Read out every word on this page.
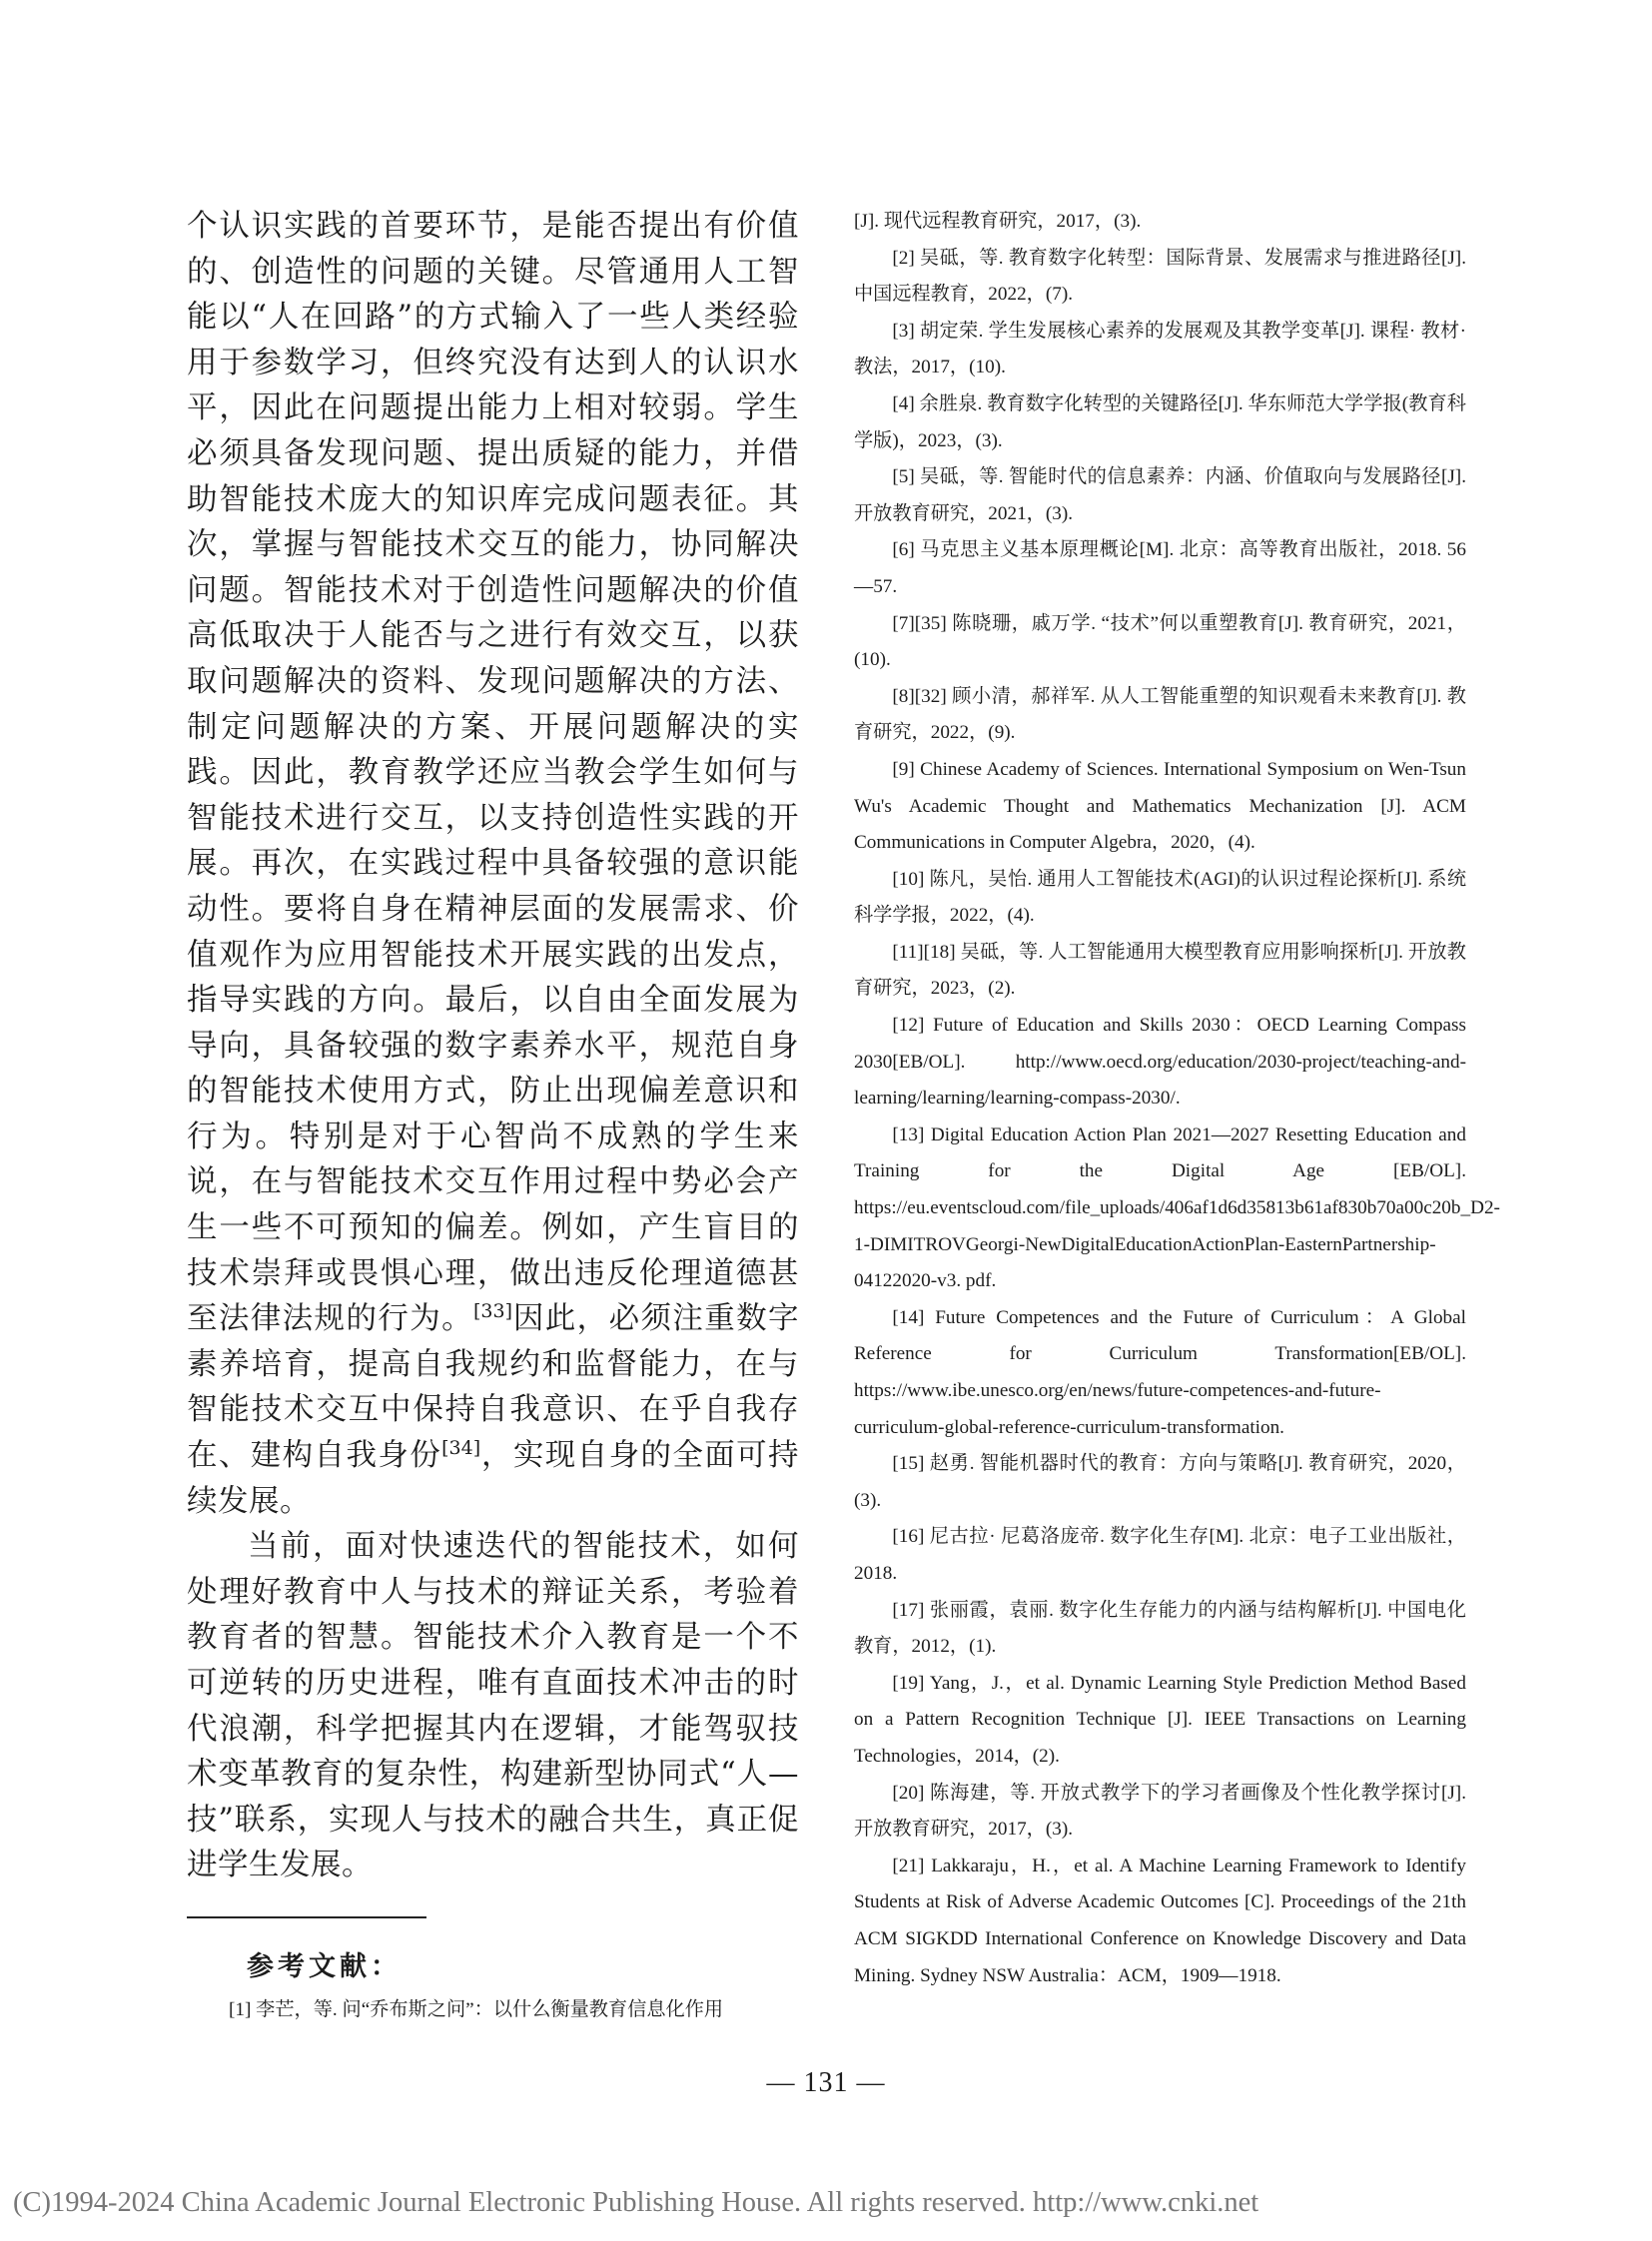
个认识实践的首要环节，是能否提出有价值的、创造性的问题的关键。尽管通用人工智能以“人在回路”的方式输入了一些人类经验用于参数学习，但终究没有达到人的认识水平，因此在问题提出能力上相对较弱。学生必须具备发现问题、提出质疑的能力，并借助智能技术庞大的知识库完成问题表征。其次，掌握与智能技术交互的能力，协同解决问题。智能技术对于创造性问题解决的价值高低取决于人能否与之进行有效交互，以获取问题解决的资料、发现问题解决的方法、制定问题解决的方案、开展问题解决的实践。因此，教育教学还应当教会学生如何与智能技术进行交互，以支持创造性实践的开展。再次，在实践过程中具备较强的意识能动性。要将自身在精神层面的发展需求、价值观作为应用智能技术开展实践的出发点，指导实践的方向。最后，以自由全面发展为导向，具备较强的数字素养水平，规范自身的智能技术使用方式，防止出现偏差意识和行为。特别是对于心智尚不成熟的学生来说，在与智能技术交互作用过程中势必会产生一些不可预知的偏差。例如，产生盲目的技术崇拜或畏惧心理，做出违反伦理道德甚至法律法规的行为。[33]因此，必须注重数字素养培育，提高自我规约和监督能力，在与智能技术交互中保持自我意识、在乎自我存在、建构自我身份[34]，实现自身的全面可持续发展。

当前，面对快速迭代的智能技术，如何处理好教育中人与技术的辩证关系，考验着教育者的智慧。智能技术介入教育是一个不可逆转的历史进程，唯有直面技术冲击的时代浪潮，科学把握其内在逻辑，才能驾驭技术变革教育的复杂性，构建新型协同式“人—技”联系，实现人与技术的融合共生，真正促进学生发展。

参考文献：

[1] 李芒，等. 问“乔布斯之问”：以什么衡量教育信息化作用

[J]. 现代远程教育研究，2017，(3).

[2] 吴砥，等. 教育数字化转型：国际背景、发展需求与推进路径[J]. 中国远程教育，2022，(7).

[3] 胡定荣. 学生发展核心素养的发展观及其教学变革[J]. 课程· 教材· 教法，2017，(10).

[4] 余胜泉. 教育数字化转型的关键路径[J]. 华东师范大学学报(教育科学版)，2023，(3).

[5] 吴砥，等. 智能时代的信息素养：内涵、价值取向与发展路径[J]. 开放教育研究，2021，(3).

[6] 马克思主义基本原理概论[M]. 北京：高等教育出版社，2018. 56—57.

[7][35] 陈晓珊，戚万学. “技术”何以重塑教育[J]. 教育研究，2021，(10).

[8][32] 顾小清，郝祥军. 从人工智能重塑的知识观看未来教育[J]. 教育研究，2022，(9).

[9] Chinese Academy of Sciences. International Symposium on Wen-Tsun Wu's Academic Thought and Mathematics Mechanization [J]. ACM Communications in Computer Algebra，2020，(4).

[10] 陈凡，吴怡. 通用人工智能技术(AGI)的认识过程论探析[J]. 系统科学学报，2022，(4).

[11][18] 吴砥，等. 人工智能通用大模型教育应用影响探析[J]. 开放教育研究，2023，(2).

[12] Future of Education and Skills 2030：OECD Learning Compass 2030[EB/OL]. http://www.oecd.org/education/2030-project/teaching-and-learning/learning/learning-compass-2030/.

[13] Digital Education Action Plan 2021—2027 Resetting Education and Training for the Digital Age [EB/OL]. https://eu.eventscloud.com/file_uploads/406af1d6d35813b61af830b70a00c20b_D2-1-DIMITROVGeorgi-NewDigitalEducationActionPlan-EasternPartnership-04122020-v3. pdf.

[14] Future Competences and the Future of Curriculum：A Global Reference for Curriculum Transformation[EB/OL]. https://www.ibe.unesco.org/en/news/future-competences-and-future-curriculum-global-reference-curriculum-transformation.

[15] 赵勇. 智能机器时代的教育：方向与策略[J]. 教育研究，2020，(3).

[16] 尼古拉· 尼葛洛庞帝. 数字化生存[M]. 北京：电子工业出版社，2018.

[17] 张丽霞，袁丽. 数字化生存能力的内涵与结构解析[J]. 中国电化教育，2012，(1).

[19] Yang，J.，et al. Dynamic Learning Style Prediction Method Based on a Pattern Recognition Technique [J]. IEEE Transactions on Learning Technologies，2014，(2).

[20] 陈海建，等. 开放式教学下的学习者画像及个性化教学探讨[J]. 开放教育研究，2017，(3).

[21] Lakkaraju，H.，et al. A Machine Learning Framework to Identify Students at Risk of Adverse Academic Outcomes [C]. Proceedings of the 21th ACM SIGKDD International Conference on Knowledge Discovery and Data Mining. Sydney NSW Australia：ACM，1909—1918.

— 131 —

(C)1994-2024 China Academic Journal Electronic Publishing House. All rights reserved. http://www.cnki.net
